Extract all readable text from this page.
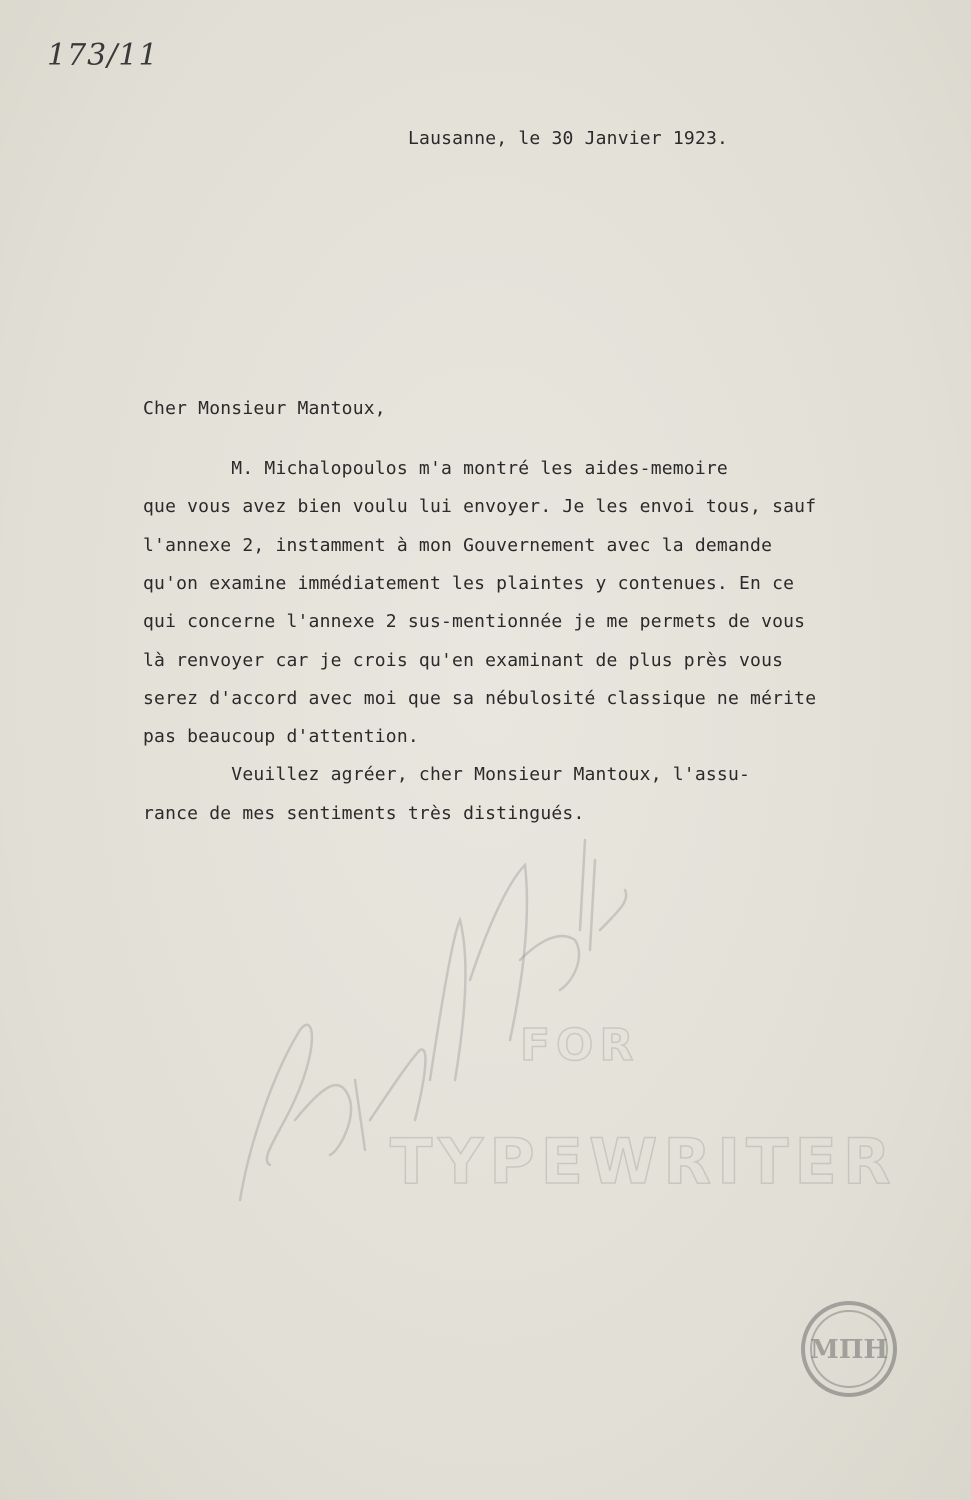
173/11
Lausanne, le 30 Janvier 1923.
Cher Monsieur Mantoux,
M. Michalopoulos m'a montré les aides-memoire
que vous avez bien voulu lui envoyer. Je les envoi tous, sauf
l'annexe 2, instamment à mon Gouvernement avec la demande
qu'on examine immédiatement les plaintes y contenues. En ce
qui concerne l'annexe 2 sus-mentionnée je me permets de vous
là renvoyer car je crois qu'en examinant de plus près vous
serez d'accord avec moi que sa nébulosité classique ne mérite
pas beaucoup d'attention.
Veuillez agréer, cher Monsieur Mantoux, l'assu-
rance de mes sentiments très distingués.
FOR
TYPEWRITER
ΜΠΗ
